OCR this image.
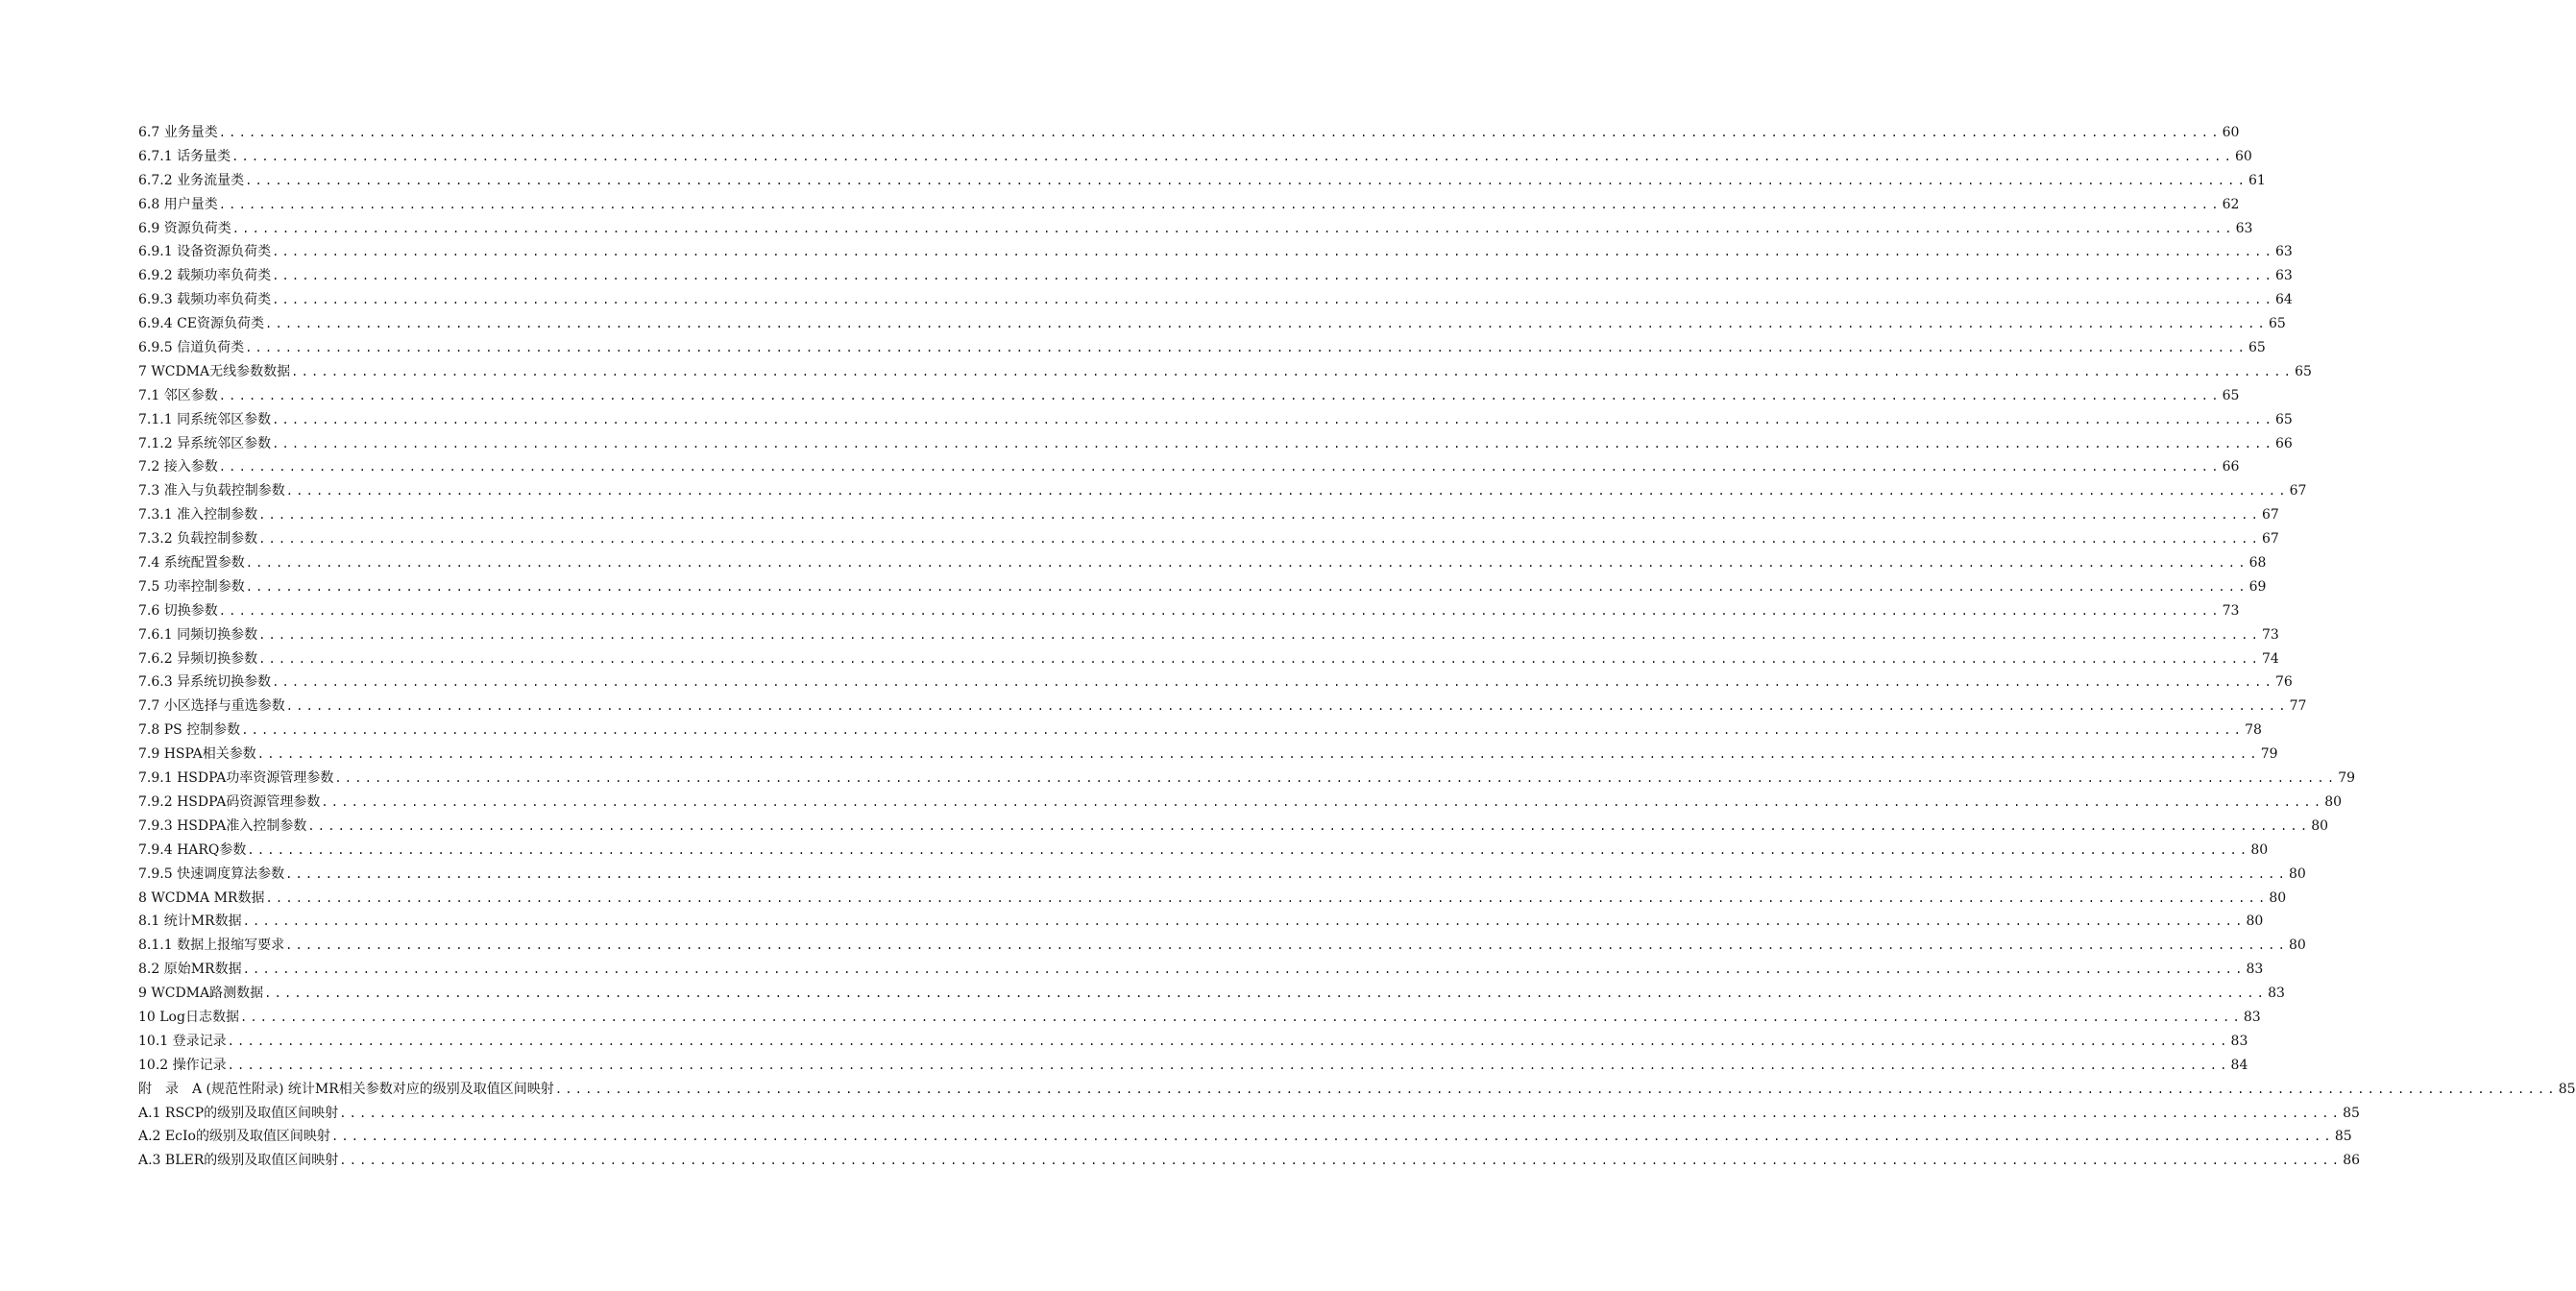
6.7 业务量类 ........................................................................................................................................................................................................ 60
6.7.1 话务量类 ........................................................................................................................................................................................................ 60
6.7.2 业务流量类 ........................................................................................................................................................................................................ 61
6.8 用户量类 ........................................................................................................................................................................................................ 62
6.9 资源负荷类 ........................................................................................................................................................................................................ 63
6.9.1 设备资源负荷类 ........................................................................................................................................................................................................ 63
6.9.2 载频功率负荷类 ........................................................................................................................................................................................................ 63
6.9.3 载频功率负荷类 ........................................................................................................................................................................................................ 64
6.9.4 CE资源负荷类 ........................................................................................................................................................................................................ 65
6.9.5 信道负荷类 ........................................................................................................................................................................................................ 65
7 WCDMA无线参数数据 ........................................................................................................................................................................................................ 65
7.1 邻区参数 ........................................................................................................................................................................................................ 65
7.1.1 同系统邻区参数 ........................................................................................................................................................................................................ 65
7.1.2 异系统邻区参数 ........................................................................................................................................................................................................ 66
7.2 接入参数 ........................................................................................................................................................................................................ 66
7.3 准入与负载控制参数 ........................................................................................................................................................................................................ 67
7.3.1 准入控制参数 ........................................................................................................................................................................................................ 67
7.3.2 负载控制参数 ........................................................................................................................................................................................................ 67
7.4 系统配置参数 ........................................................................................................................................................................................................ 68
7.5 功率控制参数 ........................................................................................................................................................................................................ 69
7.6 切换参数 ........................................................................................................................................................................................................ 73
7.6.1 同频切换参数 ........................................................................................................................................................................................................ 73
7.6.2 异频切换参数 ........................................................................................................................................................................................................ 74
7.6.3 异系统切换参数 ........................................................................................................................................................................................................ 76
7.7 小区选择与重选参数 ........................................................................................................................................................................................................ 77
7.8 PS 控制参数 ........................................................................................................................................................................................................ 78
7.9 HSPA相关参数 ........................................................................................................................................................................................................ 79
7.9.1 HSDPA功率资源管理参数 ........................................................................................................................................................................................................ 79
7.9.2 HSDPA码资源管理参数 ........................................................................................................................................................................................................ 80
7.9.3 HSDPA准入控制参数 ........................................................................................................................................................................................................ 80
7.9.4 HARQ参数 ........................................................................................................................................................................................................ 80
7.9.5 快速调度算法参数 ........................................................................................................................................................................................................ 80
8 WCDMA MR数据 ........................................................................................................................................................................................................ 80
8.1 统计MR数据 ........................................................................................................................................................................................................ 80
8.1.1 数据上报缩写要求 ........................................................................................................................................................................................................ 80
8.2 原始MR数据 ........................................................................................................................................................................................................ 83
9 WCDMA路测数据 ........................................................................................................................................................................................................ 83
10 Log日志数据 ........................................................................................................................................................................................................ 83
10.1 登录记录 ........................................................................................................................................................................................................ 83
10.2 操作记录 ........................................................................................................................................................................................................ 84
附　录　A (规范性附录) 统计MR相关参数对应的级别及取值区间映射 ........................................................................................................................................................................................................ 85
A.1 RSCP的级别及取值区间映射 ........................................................................................................................................................................................................ 85
A.2 EcIo的级别及取值区间映射 ........................................................................................................................................................................................................ 85
A.3 BLER的级别及取值区间映射 ........................................................................................................................................................................................................ 86
